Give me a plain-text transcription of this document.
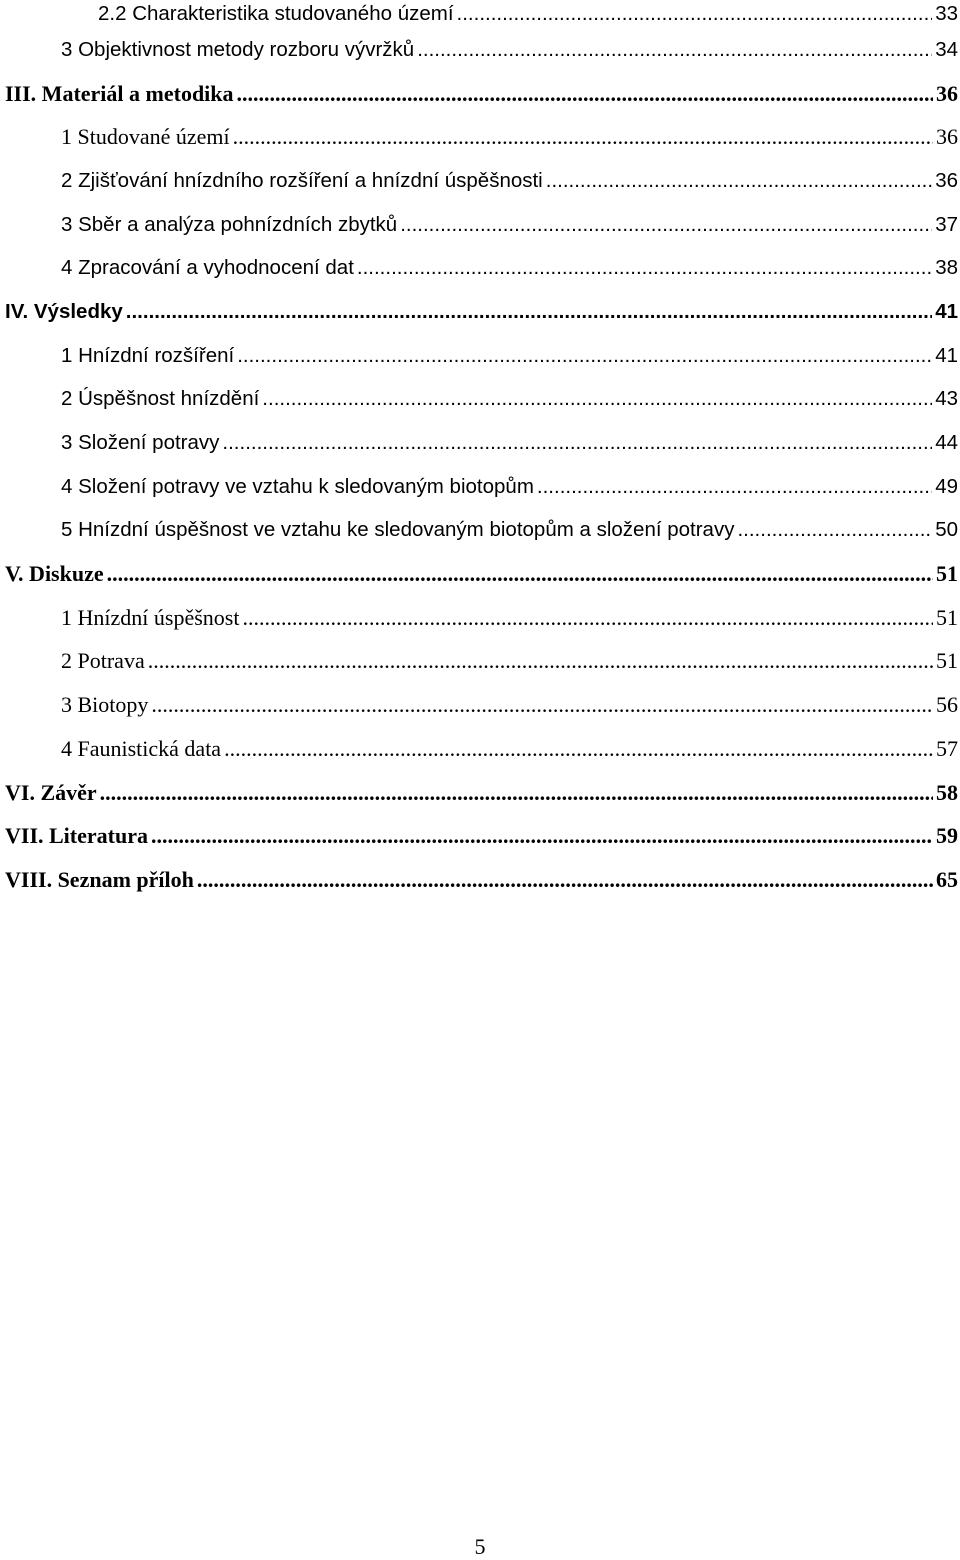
2.2 Charakteristika studovaného území .....	33
3 Objektivnost metody rozboru vývržků .....	34
III. Materiál a metodika .....	36
1 Studované území .....	36
2 Zjišťování hnízdního rozšíření a hnízdní úspěšnosti .....	36
3 Sběr a analýza pohnízdních zbytků .....	37
4 Zpracování a vyhodnocení dat .....	38
IV. Výsledky .....	41
1 Hnízdní rozšíření .....	41
2 Úspěšnost hnízdění .....	43
3 Složení potravy .....	44
4 Složení potravy ve vztahu k sledovaným biotopům .....	49
5 Hnízdní úspěšnost ve vztahu ke sledovaným biotopům a složení potravy .....	50
V. Diskuze .....	51
1 Hnízdní úspěšnost .....	51
2 Potrava .....	51
3 Biotopy .....	56
4 Faunistická data .....	57
VI. Závěr .....	58
VII. Literatura .....	59
VIII. Seznam příloh .....	65
5
